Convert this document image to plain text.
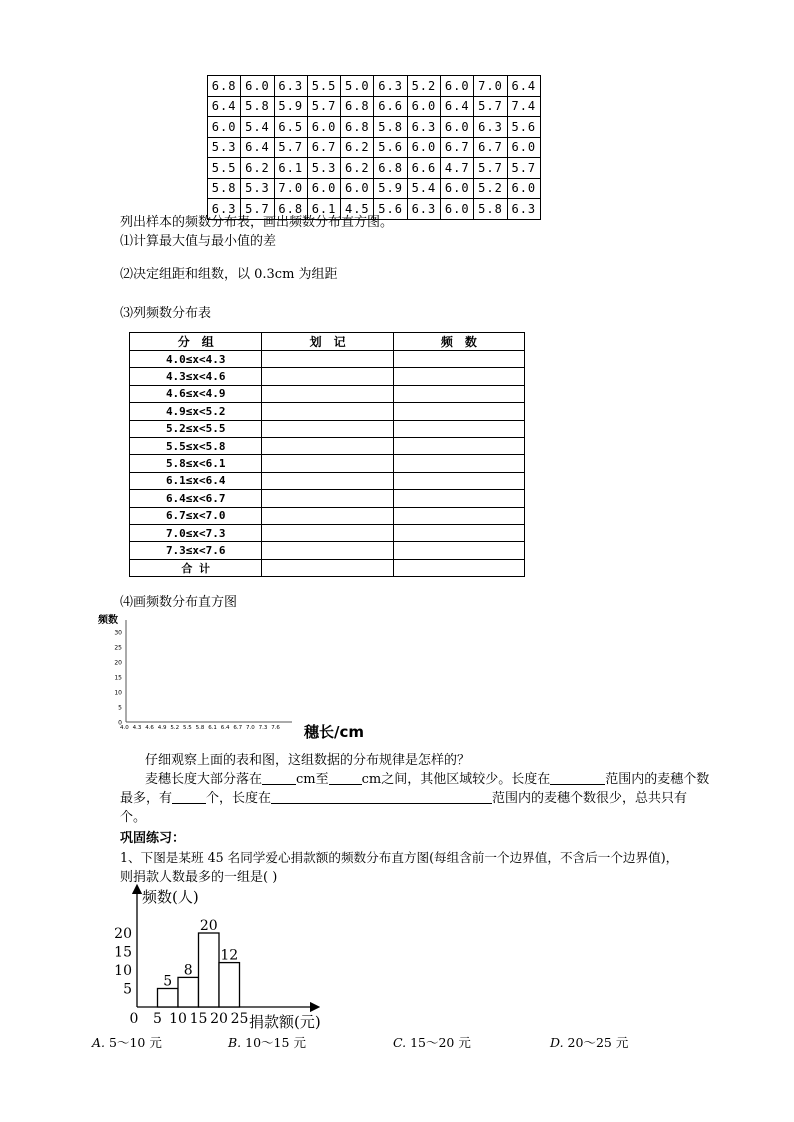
6.8	6.0	6.3	5.5	5.0	6.3	5.2	6.0	7.0	6.4
6.4	5.8	5.9	5.7	6.8	6.6	6.0	6.4	5.7	7.4
6.0	5.4	6.5	6.0	6.8	5.8	6.3	6.0	6.3	5.6
5.3	6.4	5.7	6.7	6.2	5.6	6.0	6.7	6.7	6.0
5.5	6.2	6.1	5.3	6.2	6.8	6.6	4.7	5.7	5.7
5.8	5.3	7.0	6.0	6.0	5.9	5.4	6.0	5.2	6.0
6.3	5.7	6.8	6.1	4.5	5.6	6.3	6.0	5.8	6.3
列出样本的频数分布表，画出频数分布直方图。
⑴计算最大值与最小值的差
⑵决定组距和组数，以 0.3cm 为组距
⑶列频数分布表
分　组	划　记	频　数
4.0≤x<4.3		
4.3≤x<4.6		
4.6≤x<4.9		
4.9≤x<5.2		
5.2≤x<5.5		
5.5≤x<5.8		
5.8≤x<6.1		
6.1≤x<6.4		
6.4≤x<6.7		
6.7≤x<7.0		
7.0≤x<7.3		
7.3≤x<7.6		
合 计		
⑷画频数分布直方图
频数
0
5
10
15
20
25
30
4.0 4.3 4.6 4.9 5.2 5.5 5.8 6.1 6.4 6.7 7.0 7.3 7.6 穗长/cm
仔细观察上面的表和图，这组数据的分布规律是怎样的？
麦穗长度大部分落在	cm至	cm之间，其他区域较少。长度在	范围内的麦穗个数
最多，有	个，长度在	范围内的麦穗个数很少，总共只有
个。
巩固练习：
1、下图是某班 45 名同学爱心捐款额的频数分布直方图(每组含前一个边界值，不含后一个边界值)，
则捐款人数最多的一组是( )
频数(人)
捐款额(元)
5
8
20
12
5
10
15
20
0 5 10 15 20 25
A. 5～10 元	B. 10～15 元	C. 15～20 元	D. 20～25 元
